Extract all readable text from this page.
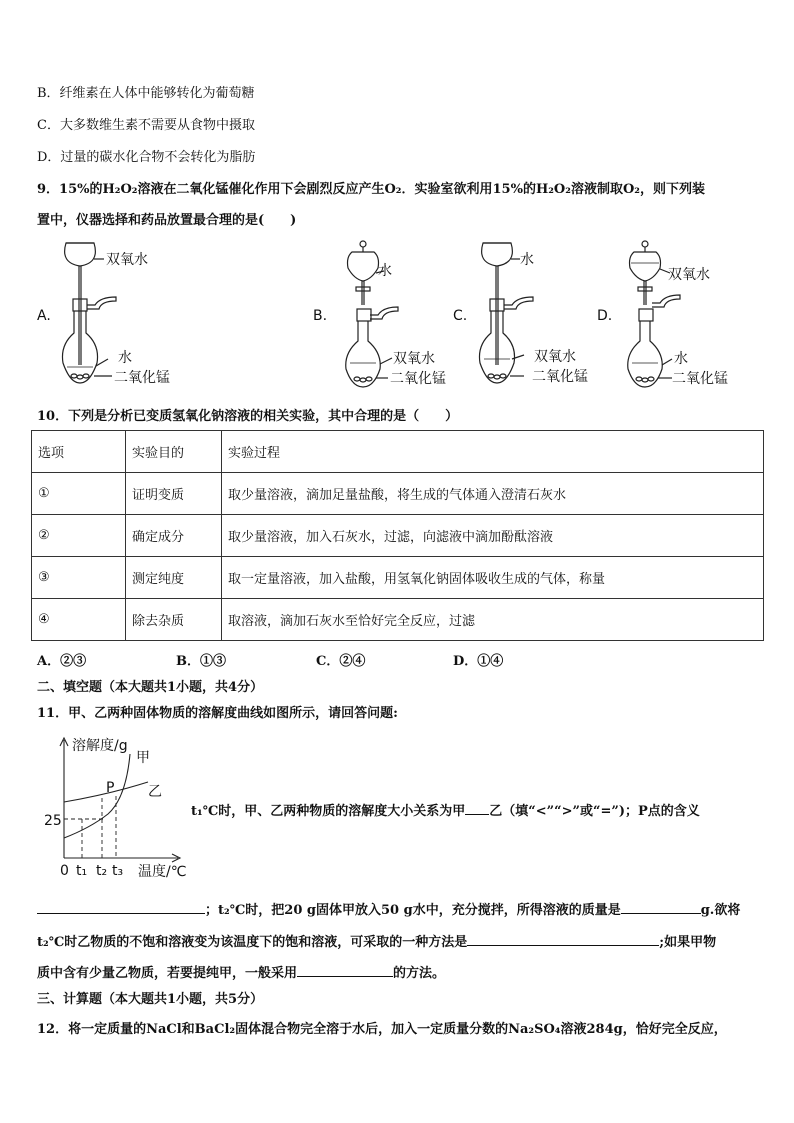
B．纤维素在人体中能够转化为葡萄糖
C．大多数维生素不需要从食物中摄取
D．过量的碳水化合物不会转化为脂肪
9．15%的H₂O₂溶液在二氧化锰催化作用下会剧烈反应产生O₂．实验室欲利用15%的H₂O₂溶液制取O₂，则下列装
置中，仪器选择和药品放置最合理的是(　　)
A.
双氧水
水
二氧化锰
B.
水
双氧水
二氧化锰
C.
水
双氧水
二氧化锰
D.
双氧水
水
二氧化锰
10．下列是分析已变质氢氧化钠溶液的相关实验，其中合理的是（　　）
选项	实验目的	实验过程
①	证明变质	取少量溶液，滴加足量盐酸，将生成的气体通入澄清石灰水
②	确定成分	取少量溶液，加入石灰水，过滤，向滤液中滴加酚酞溶液
③	测定纯度	取一定量溶液，加入盐酸，用氢氧化钠固体吸收生成的气体，称量
④	除去杂质	取溶液，滴加石灰水至恰好完全反应，过滤
A．②③	B．①③	C．②④	D．①④
二、填空题（本大题共1小题，共4分）
11．甲、乙两种固体物质的溶解度曲线如图所示，请回答问题:
溶解度/g
甲
乙
P
25
0 t₁ t₂ t₃ 温度/℃
t₁℃时，甲、乙两种物质的溶解度大小关系为甲 乙（填“<”“>”或“=”)；P点的含义
；t₂℃时，把20 g固体甲放入50 g水中，充分搅拌，所得溶液的质量是	g.欲将
t₂℃时乙物质的不饱和溶液变为该温度下的饱和溶液，可采取的一种方法是	;如果甲物
质中含有少量乙物质，若要提纯甲，一般采用	的方法。
三、计算题（本大题共1小题，共5分）
12．将一定质量的NaCl和BaCl₂固体混合物完全溶于水后，加入一定质量分数的Na₂SO₄溶液284g，恰好完全反应，
